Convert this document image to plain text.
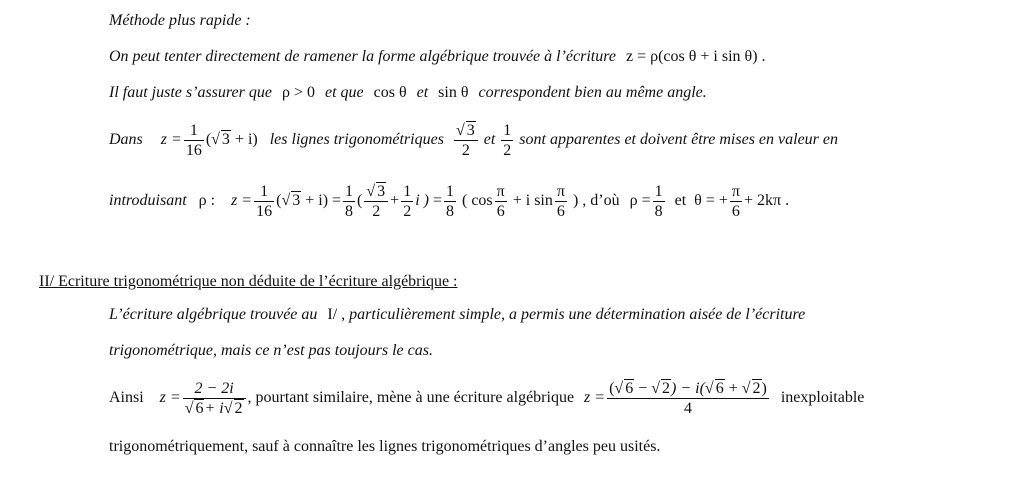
Méthode plus rapide :
On peut tenter directement de ramener la forme algébrique trouvée à l’écriture z = ρ(cos θ + i sin θ) .
Il faut juste s’assurer que ρ > 0 et que cos θ et sin θ correspondent bien au même angle.
Dans $z = \frac{1}{16}$ (√ 3 + i) les lignes trigonométriques $\frac{√ 3}{2}$ et $\frac{1}{2}$ sont apparentes et doivent être mises en valeur en
introduisant ρ : $z = \frac{1}{16}$ (√ $3 + i) = \frac{1}{8}$ ( $\frac{√ 3}{2} + \frac{1}{2}$ i ) = $\frac{1}{8}$ ( $\cos \frac{\pi}{6} + i$ $\sin \frac{\pi}{6}$ ) , d’où $\rho = \frac{1}{8}$ et θ = + $\frac{\pi}{6} + 2k\pi$ .
II/ Ecriture trigonométrique non déduite de l’écriture algébrique :
L’écriture algébrique trouvée au I/ , particulièrement simple, a permis une détermination aisée de l’écriture
trigonométrique, mais ce n’est pas toujours le cas.
Ainsi $z = \frac{2 - 2i}{√ 6+ i√ 2}$ , pourtant similaire, mène à une écriture algébrique $z = \frac{(√ 6 - √ 2) - i(√ 6 + √ 2)}{4}$ inexploitable
trigonométriquement, sauf à connaître les lignes trigonométriques d’angles peu usités.
